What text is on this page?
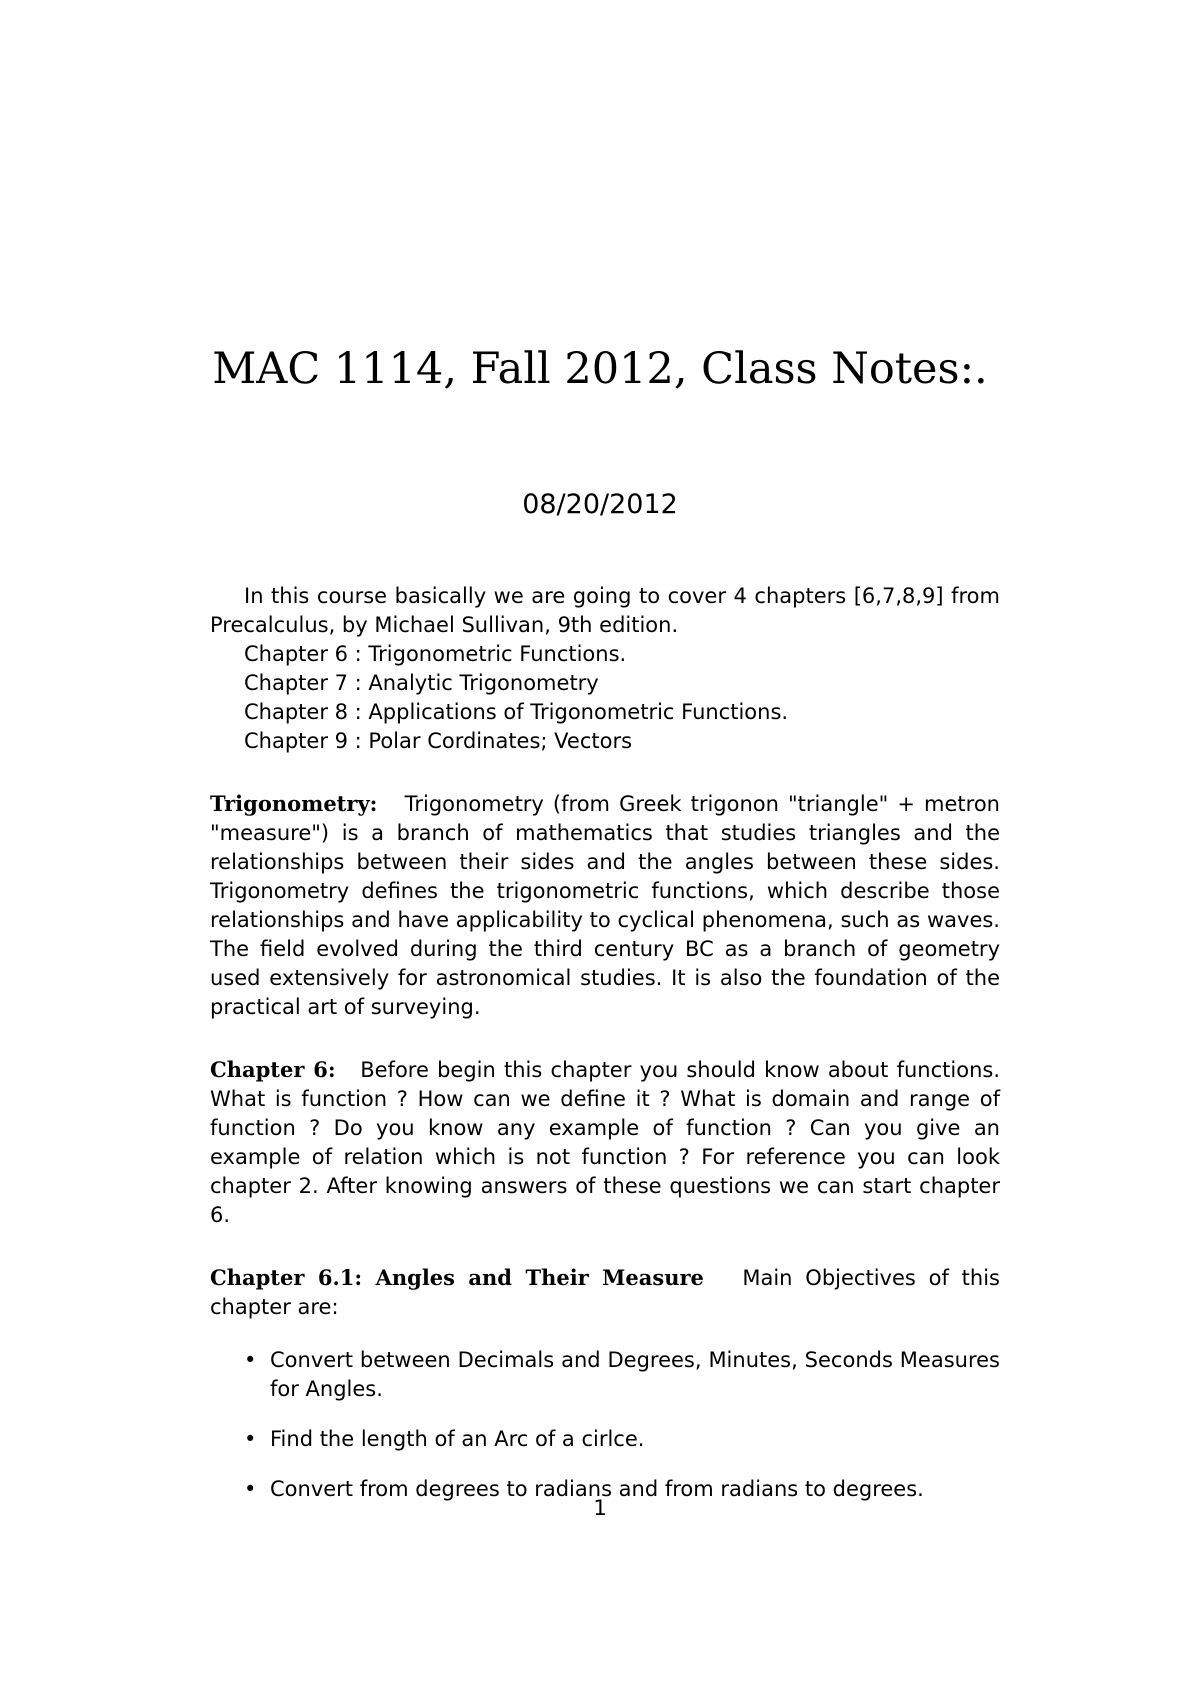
MAC 1114, Fall 2012, Class Notes:.
08/20/2012

In this course basically we are going to cover 4 chapters [6,7,8,9] from Precalculus, by Michael Sullivan, 9th edition.

Chapter 6 : Trigonometric Functions.
Chapter 7 : Analytic Trigonometry
Chapter 8 : Applications of Trigonometric Functions.
Chapter 9 : Polar Cordinates; Vectors

Trigonometry: Trigonometry (from Greek trigonon "triangle" + metron "measure") is a branch of mathematics that studies triangles and the relationships between their sides and the angles between these sides. Trigonometry defines the trigonometric functions, which describe those relationships and have applicability to cyclical phenomena, such as waves. The field evolved during the third century BC as a branch of geometry used extensively for astronomical studies. It is also the foundation of the practical art of surveying.

Chapter 6: Before begin this chapter you should know about functions. What is function ? How can we define it ? What is domain and range of function ? Do you know any example of function ? Can you give an example of relation which is not function ? For reference you can look chapter 2. After knowing answers of these questions we can start chapter 6.

Chapter 6.1: Angles and Their Measure Main Objectives of this chapter are:

• Convert between Decimals and Degrees, Minutes, Seconds Measures for Angles.
• Find the length of an Arc of a cirlce.
• Convert from degrees to radians and from radians to degrees.
1
